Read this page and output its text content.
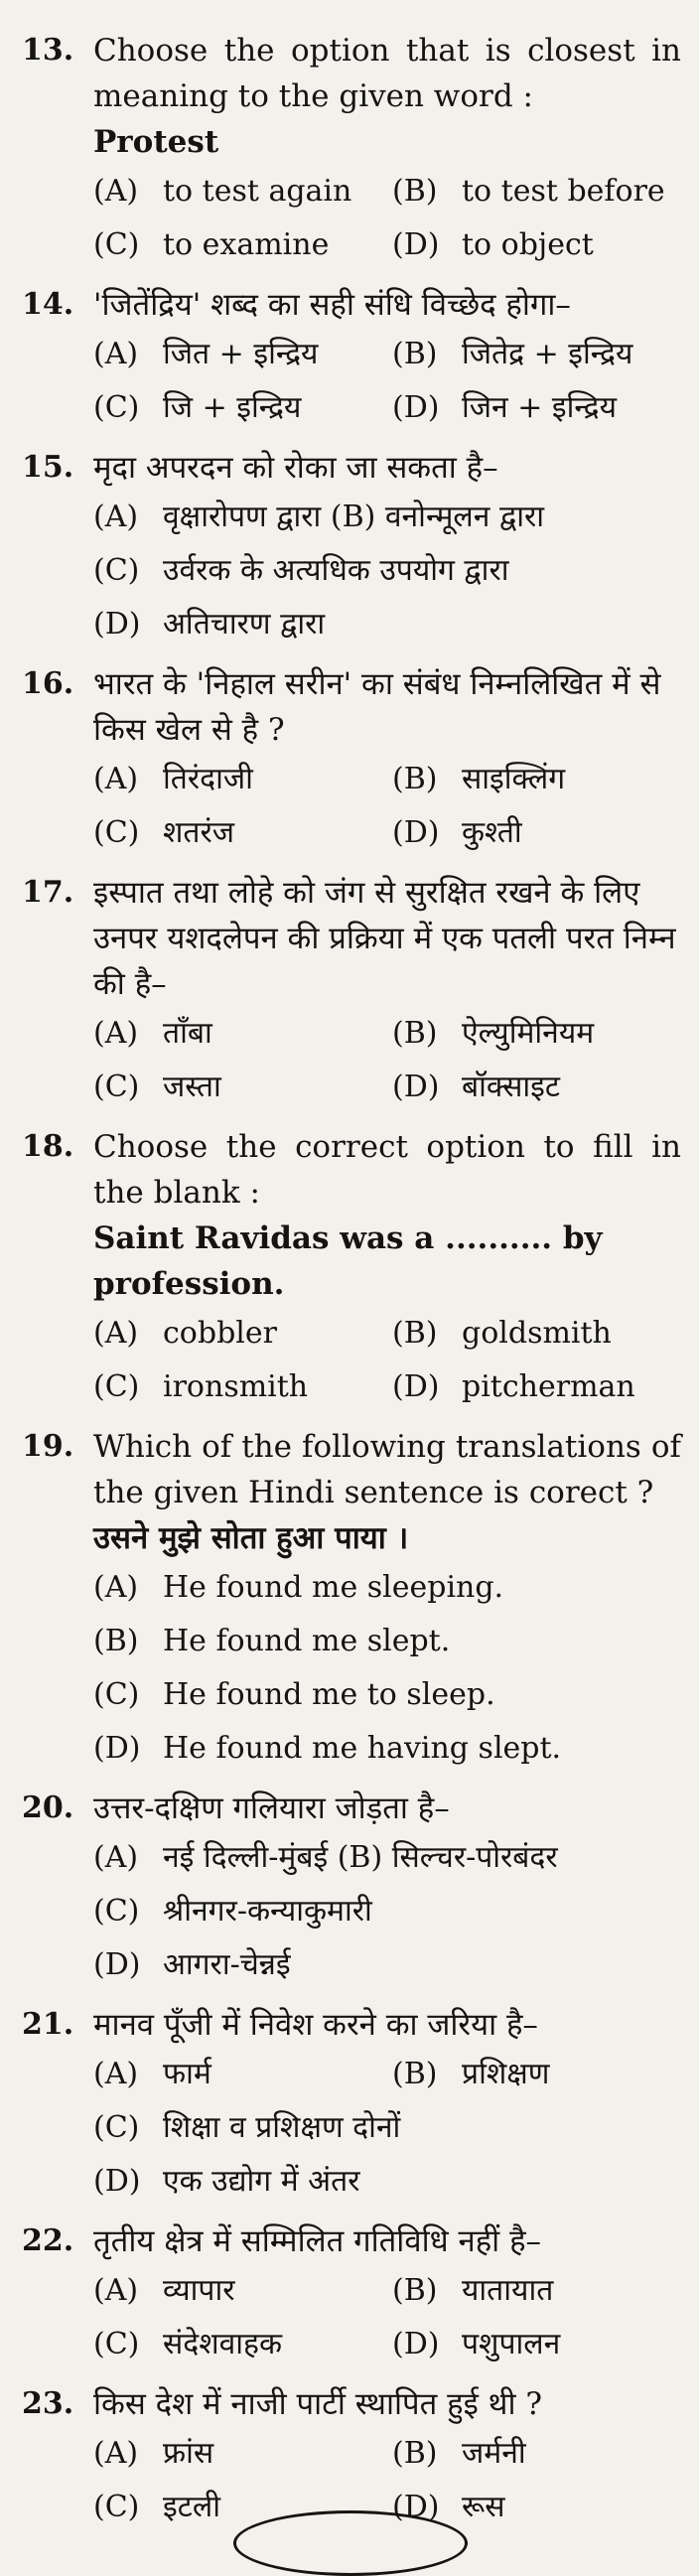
13. Choose the option that is closest in meaning to the given word :
Protest
(A) to test again	(B) to test before
(C) to examine	(D) to object
14. 'जितेंद्रिय' शब्द का सही संधि विच्छेद होगा–
(A) जित + इन्द्रिय	(B) जितेद्र + इन्द्रिय
(C) जि + इन्द्रिय	(D) जिन + इन्द्रिय
15. मृदा अपरदन को रोका जा सकता है–
(A) वृक्षारोपण द्वारा (B) वनोन्मूलन द्वारा
(C) उर्वरक के अत्यधिक उपयोग द्वारा
(D) अतिचारण द्वारा
16. भारत के 'निहाल सरीन' का संबंध निम्नलिखित में से किस खेल से है ?
(A) तिरंदाजी	(B) साइक्लिंग
(C) शतरंज	(D) कुश्ती
17. इस्पात तथा लोहे को जंग से सुरक्षित रखने के लिए उनपर यशदलेपन की प्रक्रिया में एक पतली परत निम्न की है–
(A) ताँबा	(B) ऐल्युमिनियम
(C) जस्ता	(D) बॉक्साइट
18. Choose the correct option to fill in the blank :
Saint Ravidas was a .......... by profession.
(A) cobbler	(B) goldsmith
(C) ironsmith	(D) pitcherman
19. Which of the following translations of the given Hindi sentence is corect ?
उसने मुझे सोता हुआ पाया ।
(A) He found me sleeping.
(B) He found me slept.
(C) He found me to sleep.
(D) He found me having slept.
20. उत्तर-दक्षिण गलियारा जोड़ता है–
(A) नई दिल्ली-मुंबई (B) सिल्चर-पोरबंदर
(C) श्रीनगर-कन्याकुमारी
(D) आगरा-चेन्नई
21. मानव पूँजी में निवेश करने का जरिया है–
(A) फार्म	(B) प्रशिक्षण
(C) शिक्षा व प्रशिक्षण दोनों
(D) एक उद्योग में अंतर
22. तृतीय क्षेत्र में सम्मिलित गतिविधि नहीं है–
(A) व्यापार	(B) यातायात
(C) संदेशवाहक	(D) पशुपालन
23. किस देश में नाजी पार्टी स्थापित हुई थी ?
(A) फ्रांस	(B) जर्मनी
(C) इटली	(D) रूस
